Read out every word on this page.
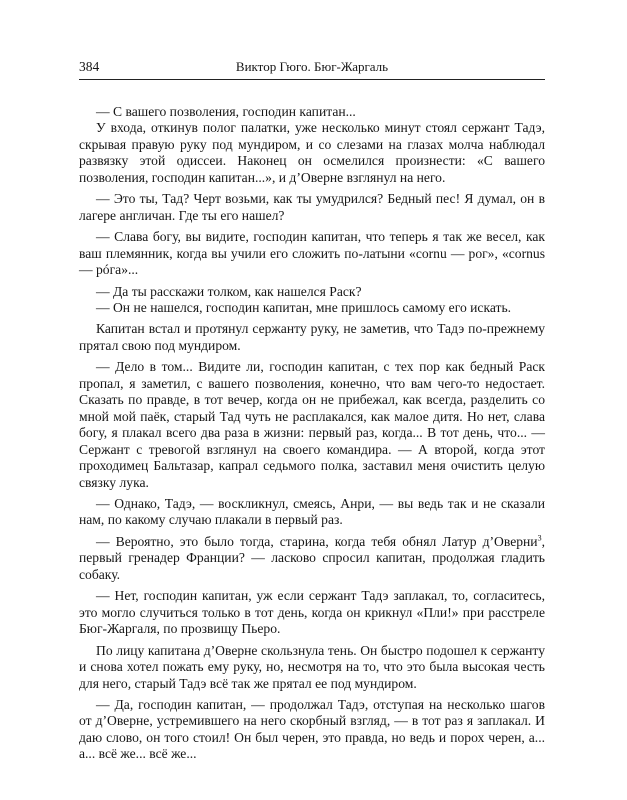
384	Виктор Гюго. Бюг-Жаргаль

— С вашего позволения, господин капитан...

У входа, откинув полог палатки, уже несколько минут стоял сержант Тадэ, скрывая правую руку под мундиром, и со слезами на глазах молча наблюдал развязку этой одиссеи. Наконец он осмелился произнести: «С вашего позволения, господин капитан...», и д’Оверне взглянул на него.

— Это ты, Тад? Черт возьми, как ты умудрился? Бедный пес! Я думал, он в лагере англичан. Где ты его нашел?

— Слава богу, вы видите, господин капитан, что теперь я так же весел, как ваш племянник, когда вы учили его сложить по-латыни «cornu — рог», «cornus — póга»...

— Да ты расскажи толком, как нашелся Раск?

— Он не нашелся, господин капитан, мне пришлось самому его искать.

Капитан встал и протянул сержанту руку, не заметив, что Тадэ по-прежнему прятал свою под мундиром.

— Дело в том... Видите ли, господин капитан, с тех пор как бедный Раск пропал, я заметил, с вашего позволения, конечно, что вам чего-то недостает. Сказать по правде, в тот вечер, когда он не прибежал, как всегда, разделить со мной мой паёк, старый Тад чуть не расплакался, как малое дитя. Но нет, слава богу, я плакал всего два раза в жизни: первый раз, когда... В тот день, что... — Сержант с тревогой взглянул на своего командира. — А второй, когда этот проходимец Бальтазар, капрал седьмого полка, заставил меня очистить целую связку лука.

— Однако, Тадэ, — воскликнул, смеясь, Анри, — вы ведь так и не сказали нам, по какому случаю плакали в первый раз.

— Вероятно, это было тогда, старина, когда тебя обнял Латур д’Оверни$^3$, первый гренадер Франции? — ласково спросил капитан, продолжая гладить собаку.

— Нет, господин капитан, уж если сержант Тадэ заплакал, то, согласитесь, это могло случиться только в тот день, когда он крикнул «Пли!» при расстреле Бюг-Жаргаля, по прозвищу Пьеро.

По лицу капитана д’Оверне скользнула тень. Он быстро подошел к сержанту и снова хотел пожать ему руку, но, несмотря на то, что это была высокая честь для него, старый Тадэ всё так же прятал ее под мундиром.

— Да, господин капитан, — продолжал Тадэ, отступая на несколько шагов от д’Оверне, устремившего на него скорбный взгляд, — в тот раз я заплакал. И даю слово, он того стоил! Он был черен, это правда, но ведь и порох черен, а... а... всё же... всё же...
